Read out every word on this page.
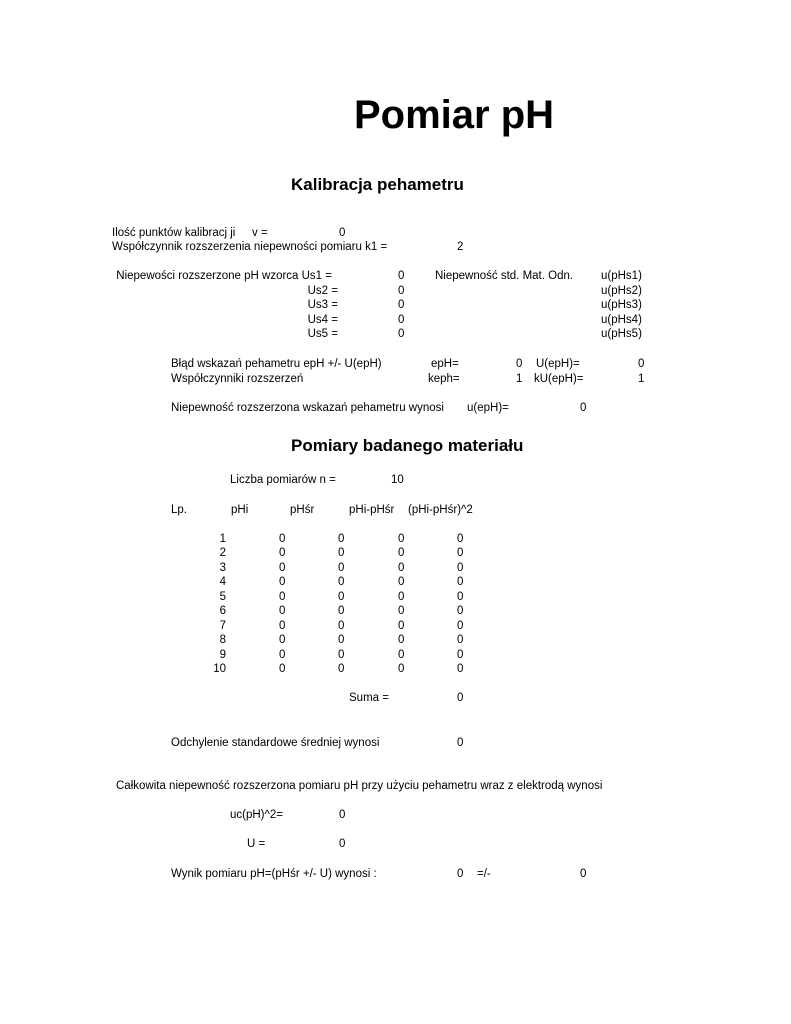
Pomiar pH
Kalibracja pehametru
Ilość punktów kalibracj ji v =	0
Współczynnik rozszerzenia niepewności pomiaru k1 =	2
Niepewości rozszerzone pH wzorca Us1 =	0	Niepewność std. Mat. Odn. u(pHs1)
Us2 =	0	u(pHs2)
Us3 =	0	u(pHs3)
Us4 =	0	u(pHs4)
Us5 =	0	u(pHs5)
Błąd wskazań pehametru epH +/- U(epH)	epH=	0 U(epH)=	0
Współczynniki rozszerzeń	keph=	1 kU(epH)=	1
Niepewność rozszerzona wskazań pehametru wynosi u(epH)=	0
Pomiary badanego materiału
Liczba pomiarów n =	10
Lp.	pHi	pHśr	pHi-pHśr (pHi-pHśr)^2
1	0	0	0	0
2	0	0	0	0
3	0	0	0	0
4	0	0	0	0
5	0	0	0	0
6	0	0	0	0
7	0	0	0	0
8	0	0	0	0
9	0	0	0	0
10	0	0	0	0
Suma =	0
Odchylenie standardowe średniej wynosi	0
Całkowita niepewność rozszerzona pomiaru pH przy użyciu pehametru wraz z elektrodą wynosi
uc(pH)^2=	0
U =	0
Wynik pomiaru pH=(pHśr +/- U) wynosi :	0 =/-	0
